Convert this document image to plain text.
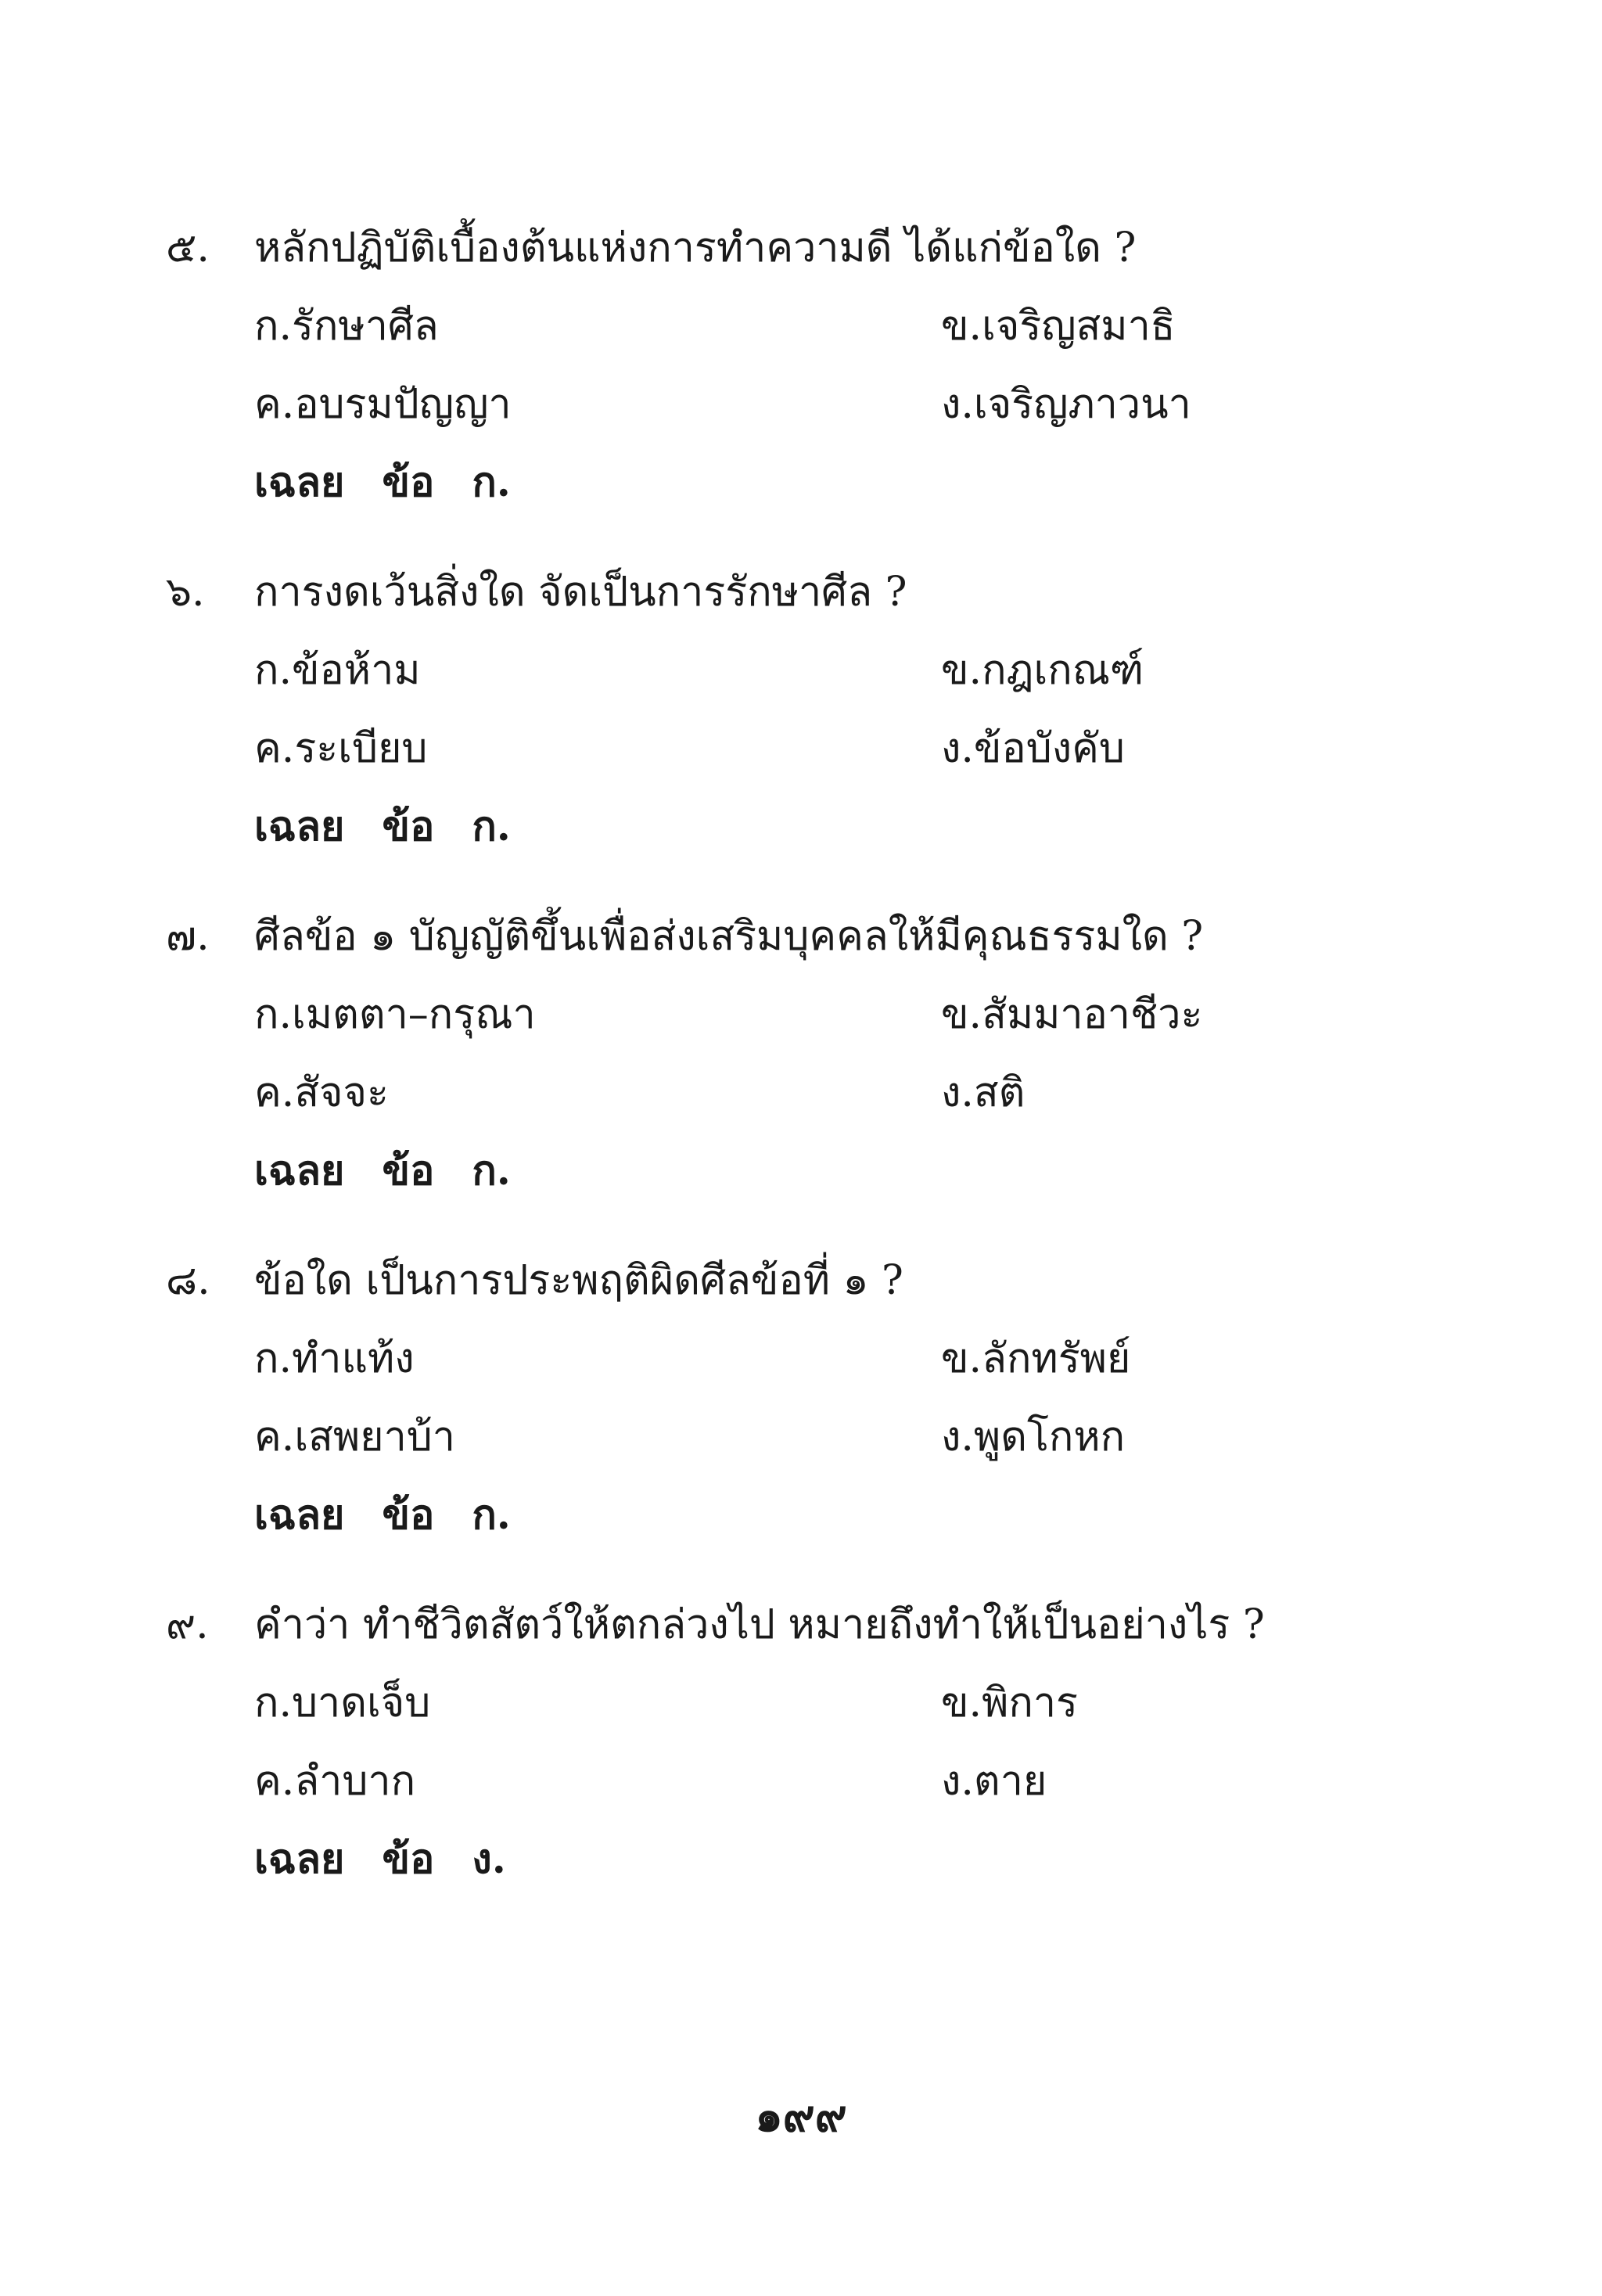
๕. หลักปฏิบัติเบื้องต้นแห่งการทำความดี ได้แก่ข้อใด ?
ก.รักษาศีล	ข.เจริญสมาธิ
ค.อบรมปัญญา	ง.เจริญภาวนา
เฉลย ข้อ ก.
๖. การงดเว้นสิ่งใด จัดเป็นการรักษาศีล ?
ก.ข้อห้าม	ข.กฎเกณฑ์
ค.ระเบียบ	ง.ข้อบังคับ
เฉลย ข้อ ก.
๗. ศีลข้อ ๑ บัญญัติขึ้นเพื่อส่งเสริมบุคคลให้มีคุณธรรมใด ?
ก.เมตตา–กรุณา	ข.สัมมาอาชีวะ
ค.สัจจะ	ง.สติ
เฉลย ข้อ ก.
๘. ข้อใด เป็นการประพฤติผิดศีลข้อที่ ๑ ?
ก.ทำแท้ง	ข.ลักทรัพย์
ค.เสพยาบ้า	ง.พูดโกหก
เฉลย ข้อ ก.
๙. คำว่า ทำชีวิตสัตว์ให้ตกล่วงไป หมายถึงทำให้เป็นอย่างไร ?
ก.บาดเจ็บ	ข.พิการ
ค.ลำบาก	ง.ตาย
เฉลย ข้อ ง.
๑๙๙
